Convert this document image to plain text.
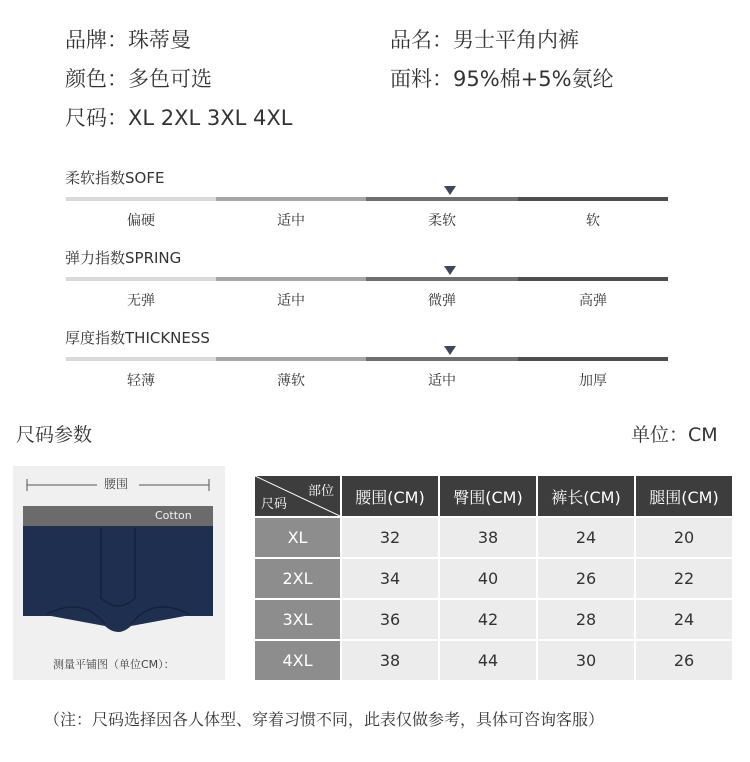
品牌：珠蒂曼	品名：男士平角内裤
颜色：多色可选	面料：95%棉+5%氨纶
尺码：XL 2XL 3XL 4XL
柔软指数SOFE
偏硬	适中	柔软	软
弹力指数SPRING
无弹	适中	微弹	高弹
厚度指数THICKNESS
轻薄	薄软	适中	加厚
尺码参数	单位：CM
腰围
Cotton
测量平铺图（单位CM）：
部位
尺码	腰围(CM)	臀围(CM)	裤长(CM)	腿围(CM)
XL	32	38	24	20
2XL	34	40	26	22
3XL	36	42	28	24
4XL	38	44	30	26
（注：尺码选择因各人体型、穿着习惯不同，此表仅做参考，具体可咨询客服）
